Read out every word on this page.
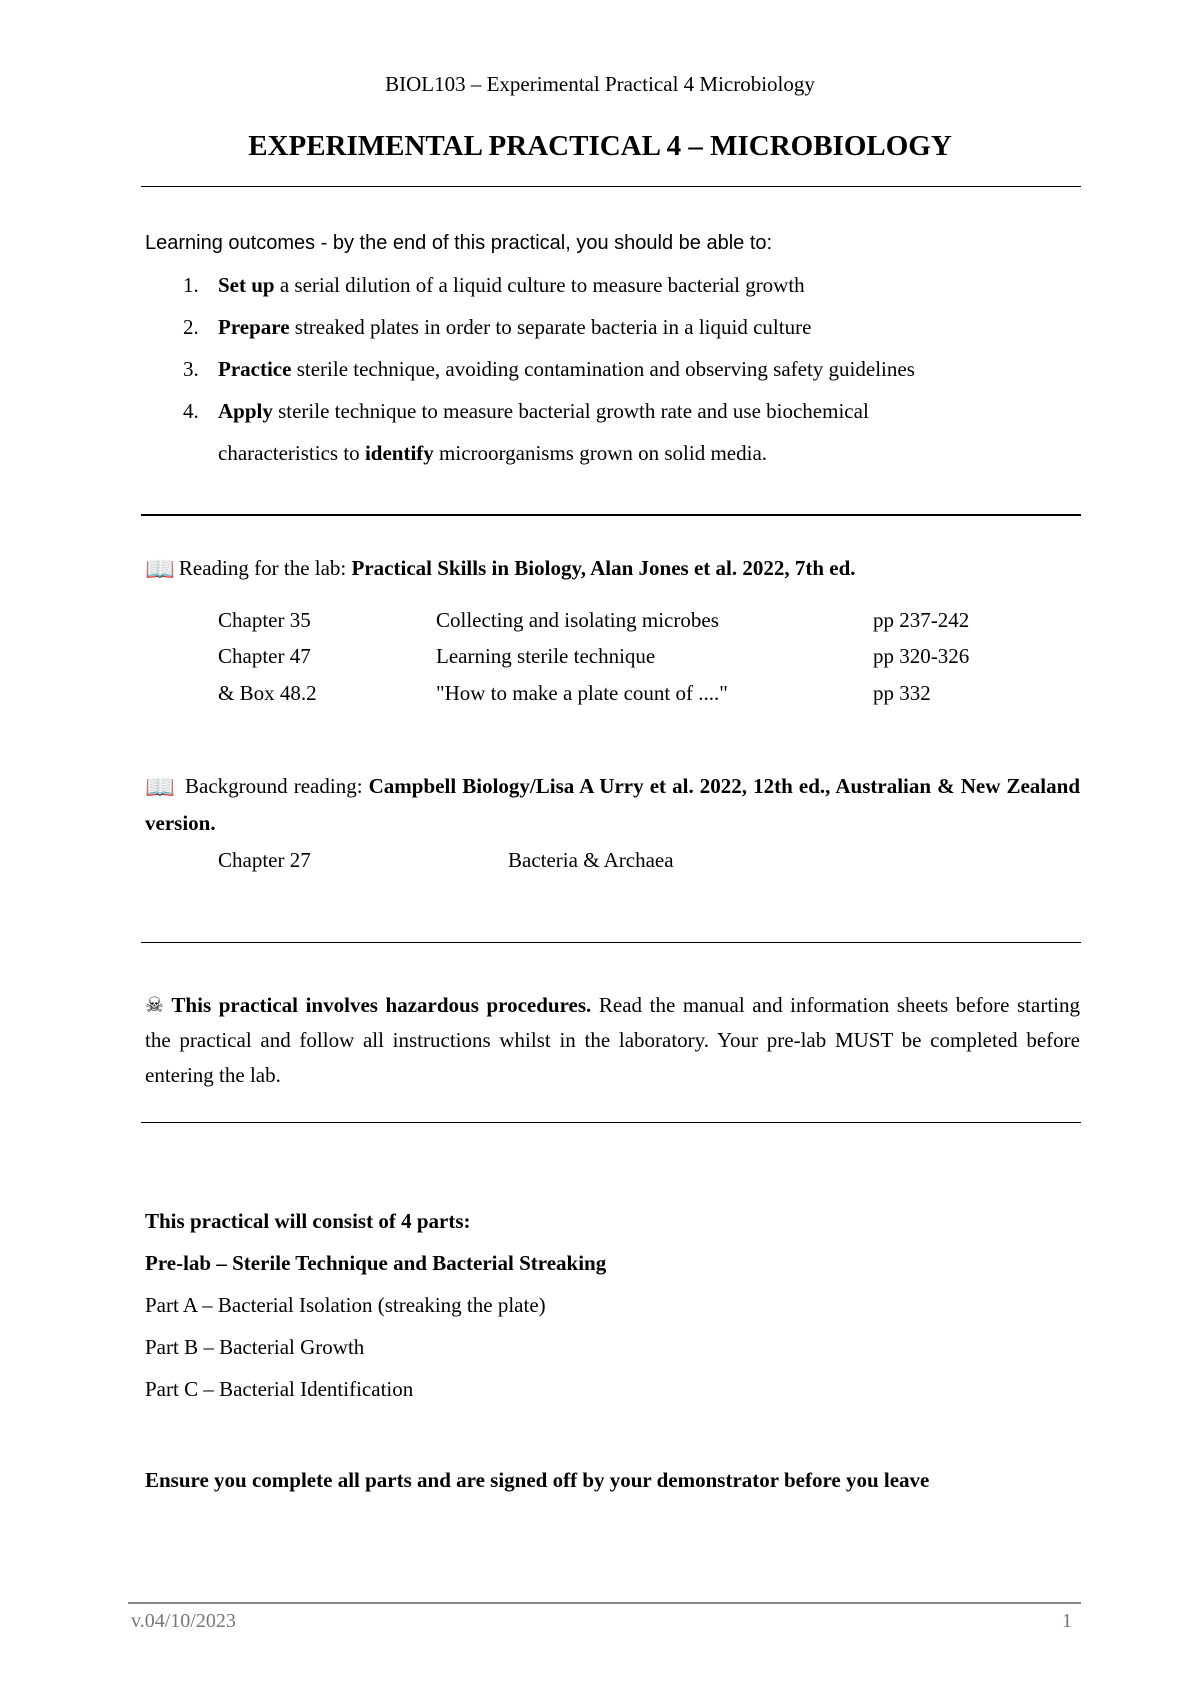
BIOL103 – Experimental Practical 4 Microbiology
EXPERIMENTAL PRACTICAL 4 – MICROBIOLOGY
Learning outcomes - by the end of this practical, you should be able to:
1. Set up a serial dilution of a liquid culture to measure bacterial growth
2. Prepare streaked plates in order to separate bacteria in a liquid culture
3. Practice sterile technique, avoiding contamination and observing safety guidelines
4. Apply sterile technique to measure bacterial growth rate and use biochemical
characteristics to identify microorganisms grown on solid media.
📖 Reading for the lab: Practical Skills in Biology, Alan Jones et al. 2022, 7th ed.
Chapter 35	Collecting and isolating microbes	pp 237-242
Chapter 47	Learning sterile technique	pp 320-326
& Box 48.2	"How to make a plate count of ...."	pp 332
📖 Background reading: Campbell Biology/Lisa A Urry et al. 2022, 12th ed., Australian & New Zealand version.
Chapter 27	Bacteria & Archaea
☠ This practical involves hazardous procedures. Read the manual and information sheets before starting the practical and follow all instructions whilst in the laboratory. Your pre-lab MUST be completed before entering the lab.
This practical will consist of 4 parts:
Pre-lab – Sterile Technique and Bacterial Streaking
Part A – Bacterial Isolation (streaking the plate)
Part B – Bacterial Growth
Part C – Bacterial Identification
Ensure you complete all parts and are signed off by your demonstrator before you leave
v.04/10/2023	1
